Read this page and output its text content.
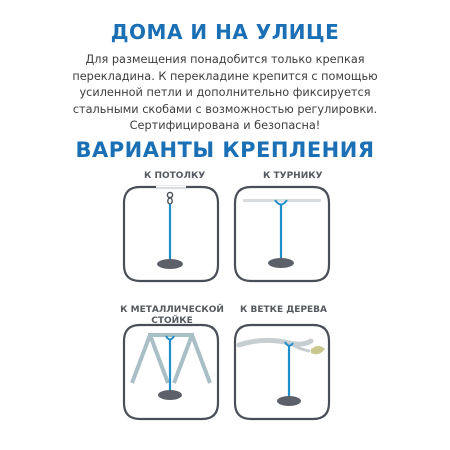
ДОМА И НА УЛИЦЕ
Для размещения понадобится только крепкая
перекладина. К перекладине крепится с помощью
усиленной петли и дополнительно фиксируется
стальными скобами с возможностью регулировки.
Сертифицирована и безопасна!
ВАРИАНТЫ КРЕПЛЕНИЯ
К ПОТОЛКУ	К ТУРНИКУ
К МЕТАЛЛИЧЕСКОЙ
СТОЙКЕ
К ВЕТКЕ ДЕРЕВА
